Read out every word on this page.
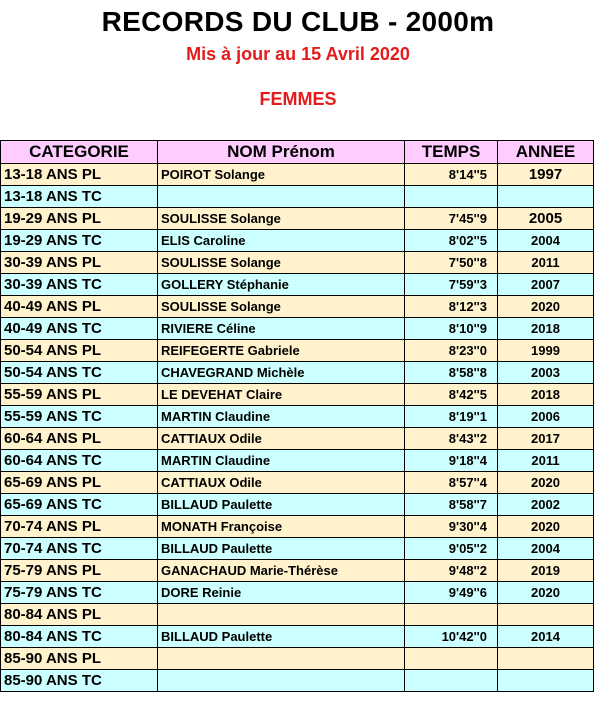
RECORDS DU CLUB - 2000m
Mis à jour au 15 Avril 2020
FEMMES
CATEGORIE	NOM Prénom	TEMPS	ANNEE
13-18 ANS PL	POIROT Solange	8'14''5	1997
13-18 ANS TC			
19-29 ANS PL	SOULISSE Solange	7'45''9	2005
19-29 ANS TC	ELIS Caroline	8'02''5	2004
30-39 ANS PL	SOULISSE Solange	7'50''8	2011
30-39 ANS TC	GOLLERY Stéphanie	7'59''3	2007
40-49 ANS PL	SOULISSE Solange	8'12''3	2020
40-49 ANS TC	RIVIERE Céline	8'10''9	2018
50-54 ANS PL	REIFEGERTE Gabriele	8'23''0	1999
50-54 ANS TC	CHAVEGRAND Michèle	8'58''8	2003
55-59 ANS PL	LE DEVEHAT Claire	8'42''5	2018
55-59 ANS TC	MARTIN Claudine	8'19''1	2006
60-64 ANS PL	CATTIAUX Odile	8'43''2	2017
60-64 ANS TC	MARTIN Claudine	9'18''4	2011
65-69 ANS PL	CATTIAUX Odile	8'57''4	2020
65-69 ANS TC	BILLAUD Paulette	8'58''7	2002
70-74 ANS PL	MONATH Françoise	9'30''4	2020
70-74 ANS TC	BILLAUD Paulette	9'05''2	2004
75-79 ANS PL	GANACHAUD Marie-Thérèse	9'48''2	2019
75-79 ANS TC	DORE Reinie	9'49''6	2020
80-84 ANS PL			
80-84 ANS TC	BILLAUD Paulette	10'42''0	2014
85-90 ANS PL			
85-90 ANS TC			
